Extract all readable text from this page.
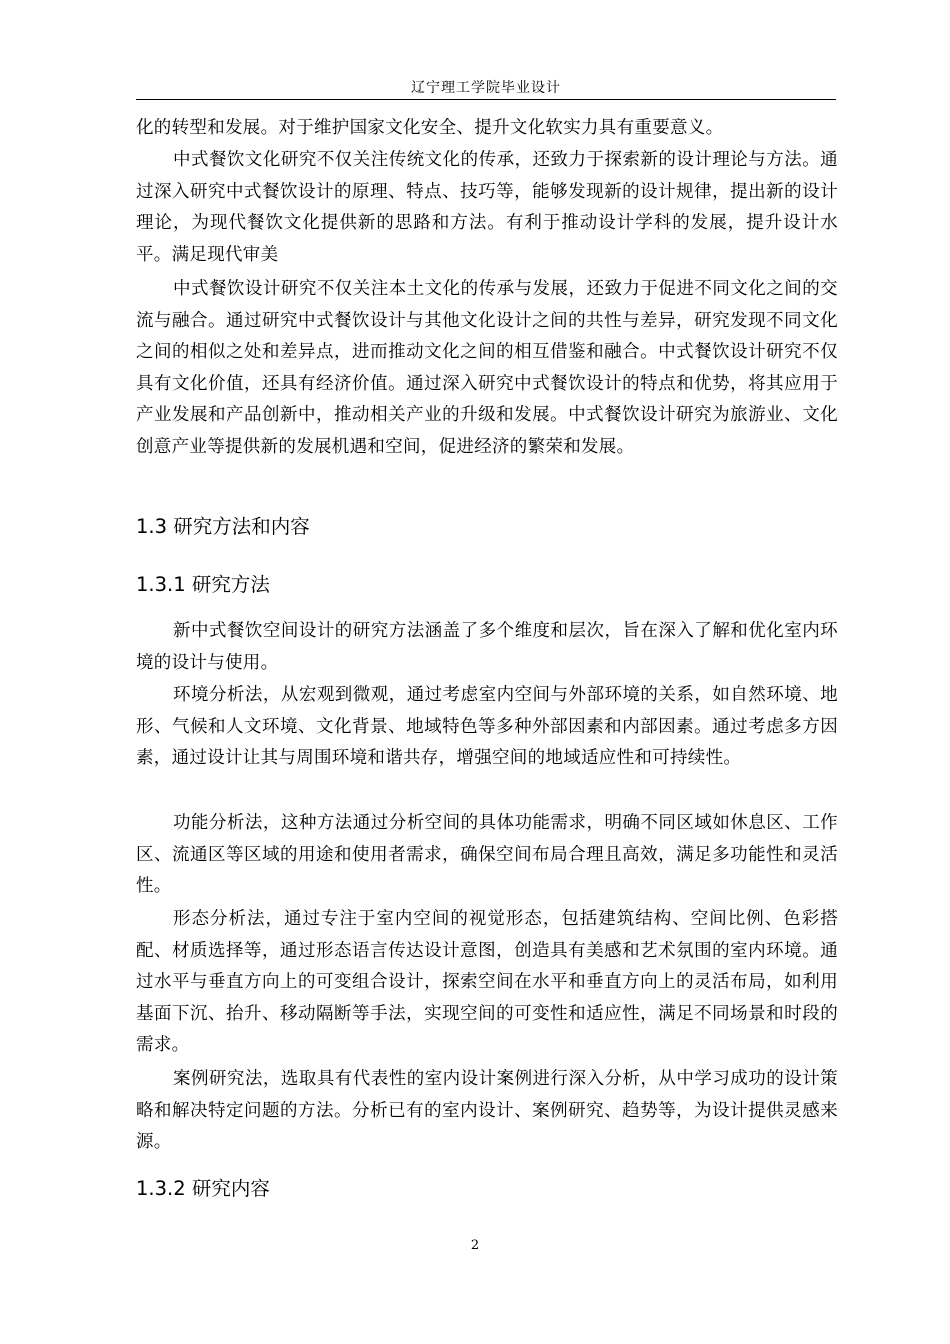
辽宁理工学院毕业设计

化的转型和发展。对于维护国家文化安全、提升文化软实力具有重要意义。

中式餐饮文化研究不仅关注传统文化的传承，还致力于探索新的设计理论与方法。通过深入研究中式餐饮设计的原理、特点、技巧等，能够发现新的设计规律，提出新的设计理论，为现代餐饮文化提供新的思路和方法。有利于推动设计学科的发展，提升设计水平。满足现代审美

中式餐饮设计研究不仅关注本土文化的传承与发展，还致力于促进不同文化之间的交流与融合。通过研究中式餐饮设计与其他文化设计之间的共性与差异，研究发现不同文化之间的相似之处和差异点，进而推动文化之间的相互借鉴和融合。中式餐饮设计研究不仅具有文化价值，还具有经济价值。通过深入研究中式餐饮设计的特点和优势，将其应用于产业发展和产品创新中，推动相关产业的升级和发展。中式餐饮设计研究为旅游业、文化创意产业等提供新的发展机遇和空间，促进经济的繁荣和发展。

1.3 研究方法和内容
1.3.1 研究方法

新中式餐饮空间设计的研究方法涵盖了多个维度和层次，旨在深入了解和优化室内环境的设计与使用。

环境分析法，从宏观到微观，通过考虑室内空间与外部环境的关系，如自然环境、地形、气候和人文环境、文化背景、地域特色等多种外部因素和内部因素。通过考虑多方因素，通过设计让其与周围环境和谐共存，增强空间的地域适应性和可持续性。

功能分析法，这种方法通过分析空间的具体功能需求，明确不同区域如休息区、工作区、流通区等区域的用途和使用者需求，确保空间布局合理且高效，满足多功能性和灵活性。

形态分析法，通过专注于室内空间的视觉形态，包括建筑结构、空间比例、色彩搭配、材质选择等，通过形态语言传达设计意图，创造具有美感和艺术氛围的室内环境。通过水平与垂直方向上的可变组合设计，探索空间在水平和垂直方向上的灵活布局，如利用基面下沉、抬升、移动隔断等手法，实现空间的可变性和适应性，满足不同场景和时段的需求。

案例研究法，选取具有代表性的室内设计案例进行深入分析，从中学习成功的设计策略和解决特定问题的方法。分析已有的室内设计、案例研究、趋势等，为设计提供灵感来源。

1.3.2 研究内容
2
